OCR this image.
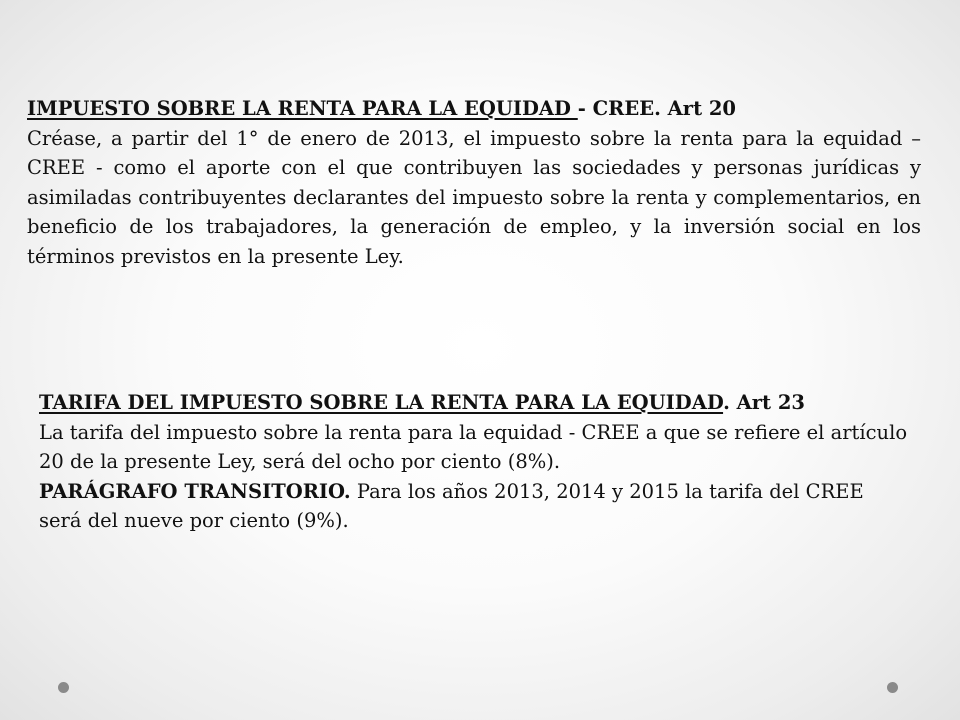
IMPUESTO SOBRE LA RENTA PARA LA EQUIDAD - CREE. Art 20

Créase, a partir del 1° de enero de 2013, el impuesto sobre la renta para la equidad – CREE - como el aporte con el que contribuyen las sociedades y personas jurídicas y asimiladas contribuyentes declarantes del impuesto sobre la renta y complementarios, en beneficio de los trabajadores, la generación de empleo, y la inversión social en los términos previstos en la presente Ley.

TARIFA DEL IMPUESTO SOBRE LA RENTA PARA LA EQUIDAD. Art 23

La tarifa del impuesto sobre la renta para la equidad - CREE a que se refiere el artículo 20 de la presente Ley, será del ocho por ciento (8%).

PARÁGRAFO TRANSITORIO. Para los años 2013, 2014 y 2015 la tarifa del CREE será del nueve por ciento (9%).
